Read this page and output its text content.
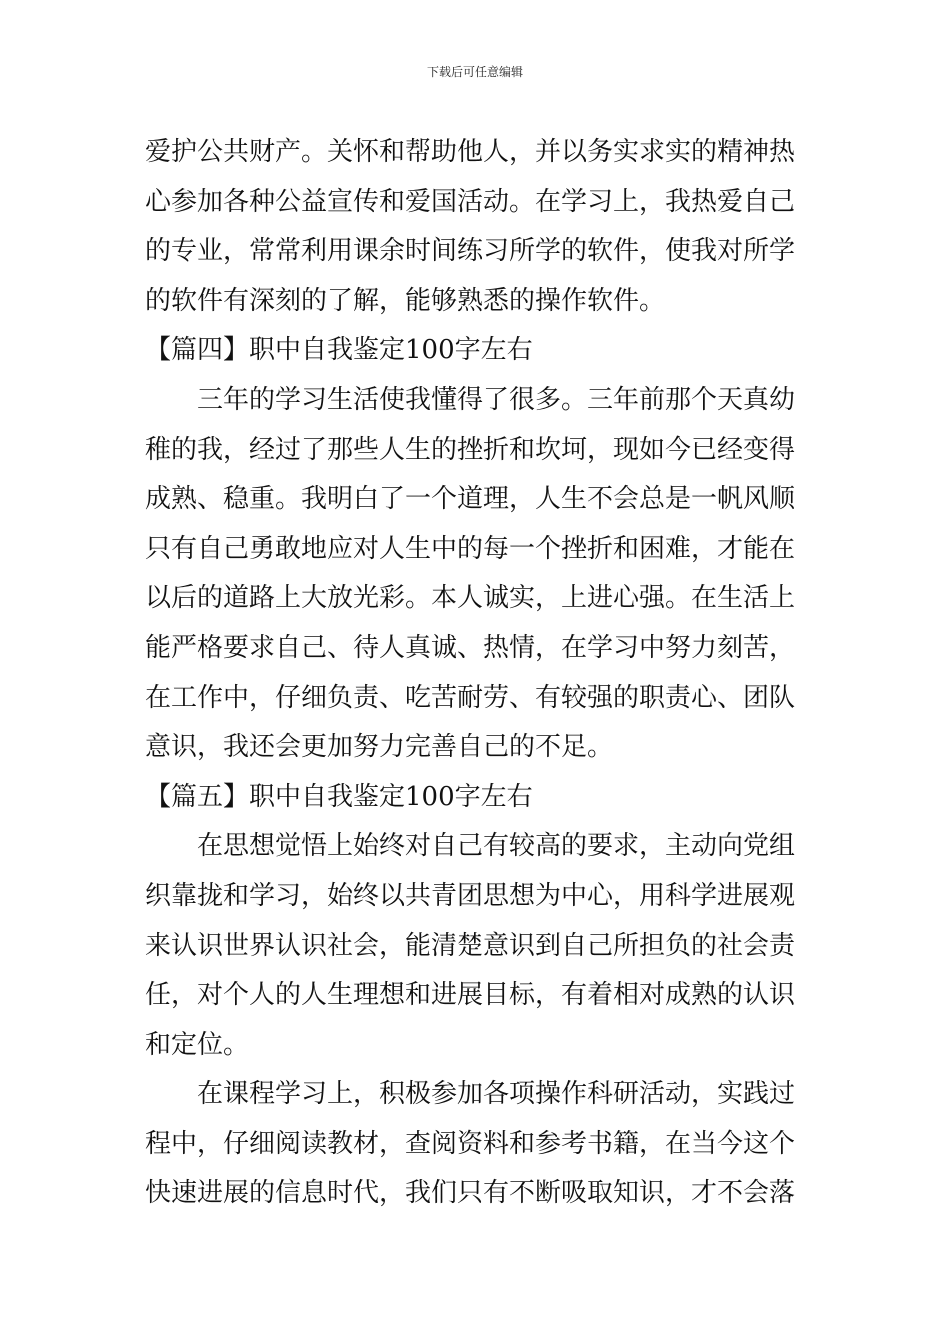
下载后可任意编辑
爱护公共财产。关怀和帮助他人，并以务实求实的精神热
心参加各种公益宣传和爱国活动。在学习上，我热爱自己
的专业，常常利用课余时间练习所学的软件，使我对所学
的软件有深刻的了解，能够熟悉的操作软件。
【篇四】职中自我鉴定100字左右
三年的学习生活使我懂得了很多。三年前那个天真幼
稚的我，经过了那些人生的挫折和坎坷，现如今已经变得
成熟、稳重。我明白了一个道理，人生不会总是一帆风顺
只有自己勇敢地应对人生中的每一个挫折和困难，才能在
以后的道路上大放光彩。本人诚实，上进心强。在生活上
能严格要求自己、待人真诚、热情，在学习中努力刻苦，
在工作中，仔细负责、吃苦耐劳、有较强的职责心、团队
意识，我还会更加努力完善自己的不足。
【篇五】职中自我鉴定100字左右
在思想觉悟上始终对自己有较高的要求，主动向党组
织靠拢和学习，始终以共青团思想为中心，用科学进展观
来认识世界认识社会，能清楚意识到自己所担负的社会责
任，对个人的人生理想和进展目标，有着相对成熟的认识
和定位。
在课程学习上，积极参加各项操作科研活动，实践过
程中，仔细阅读教材，查阅资料和参考书籍，在当今这个
快速进展的信息时代，我们只有不断吸取知识，才不会落
